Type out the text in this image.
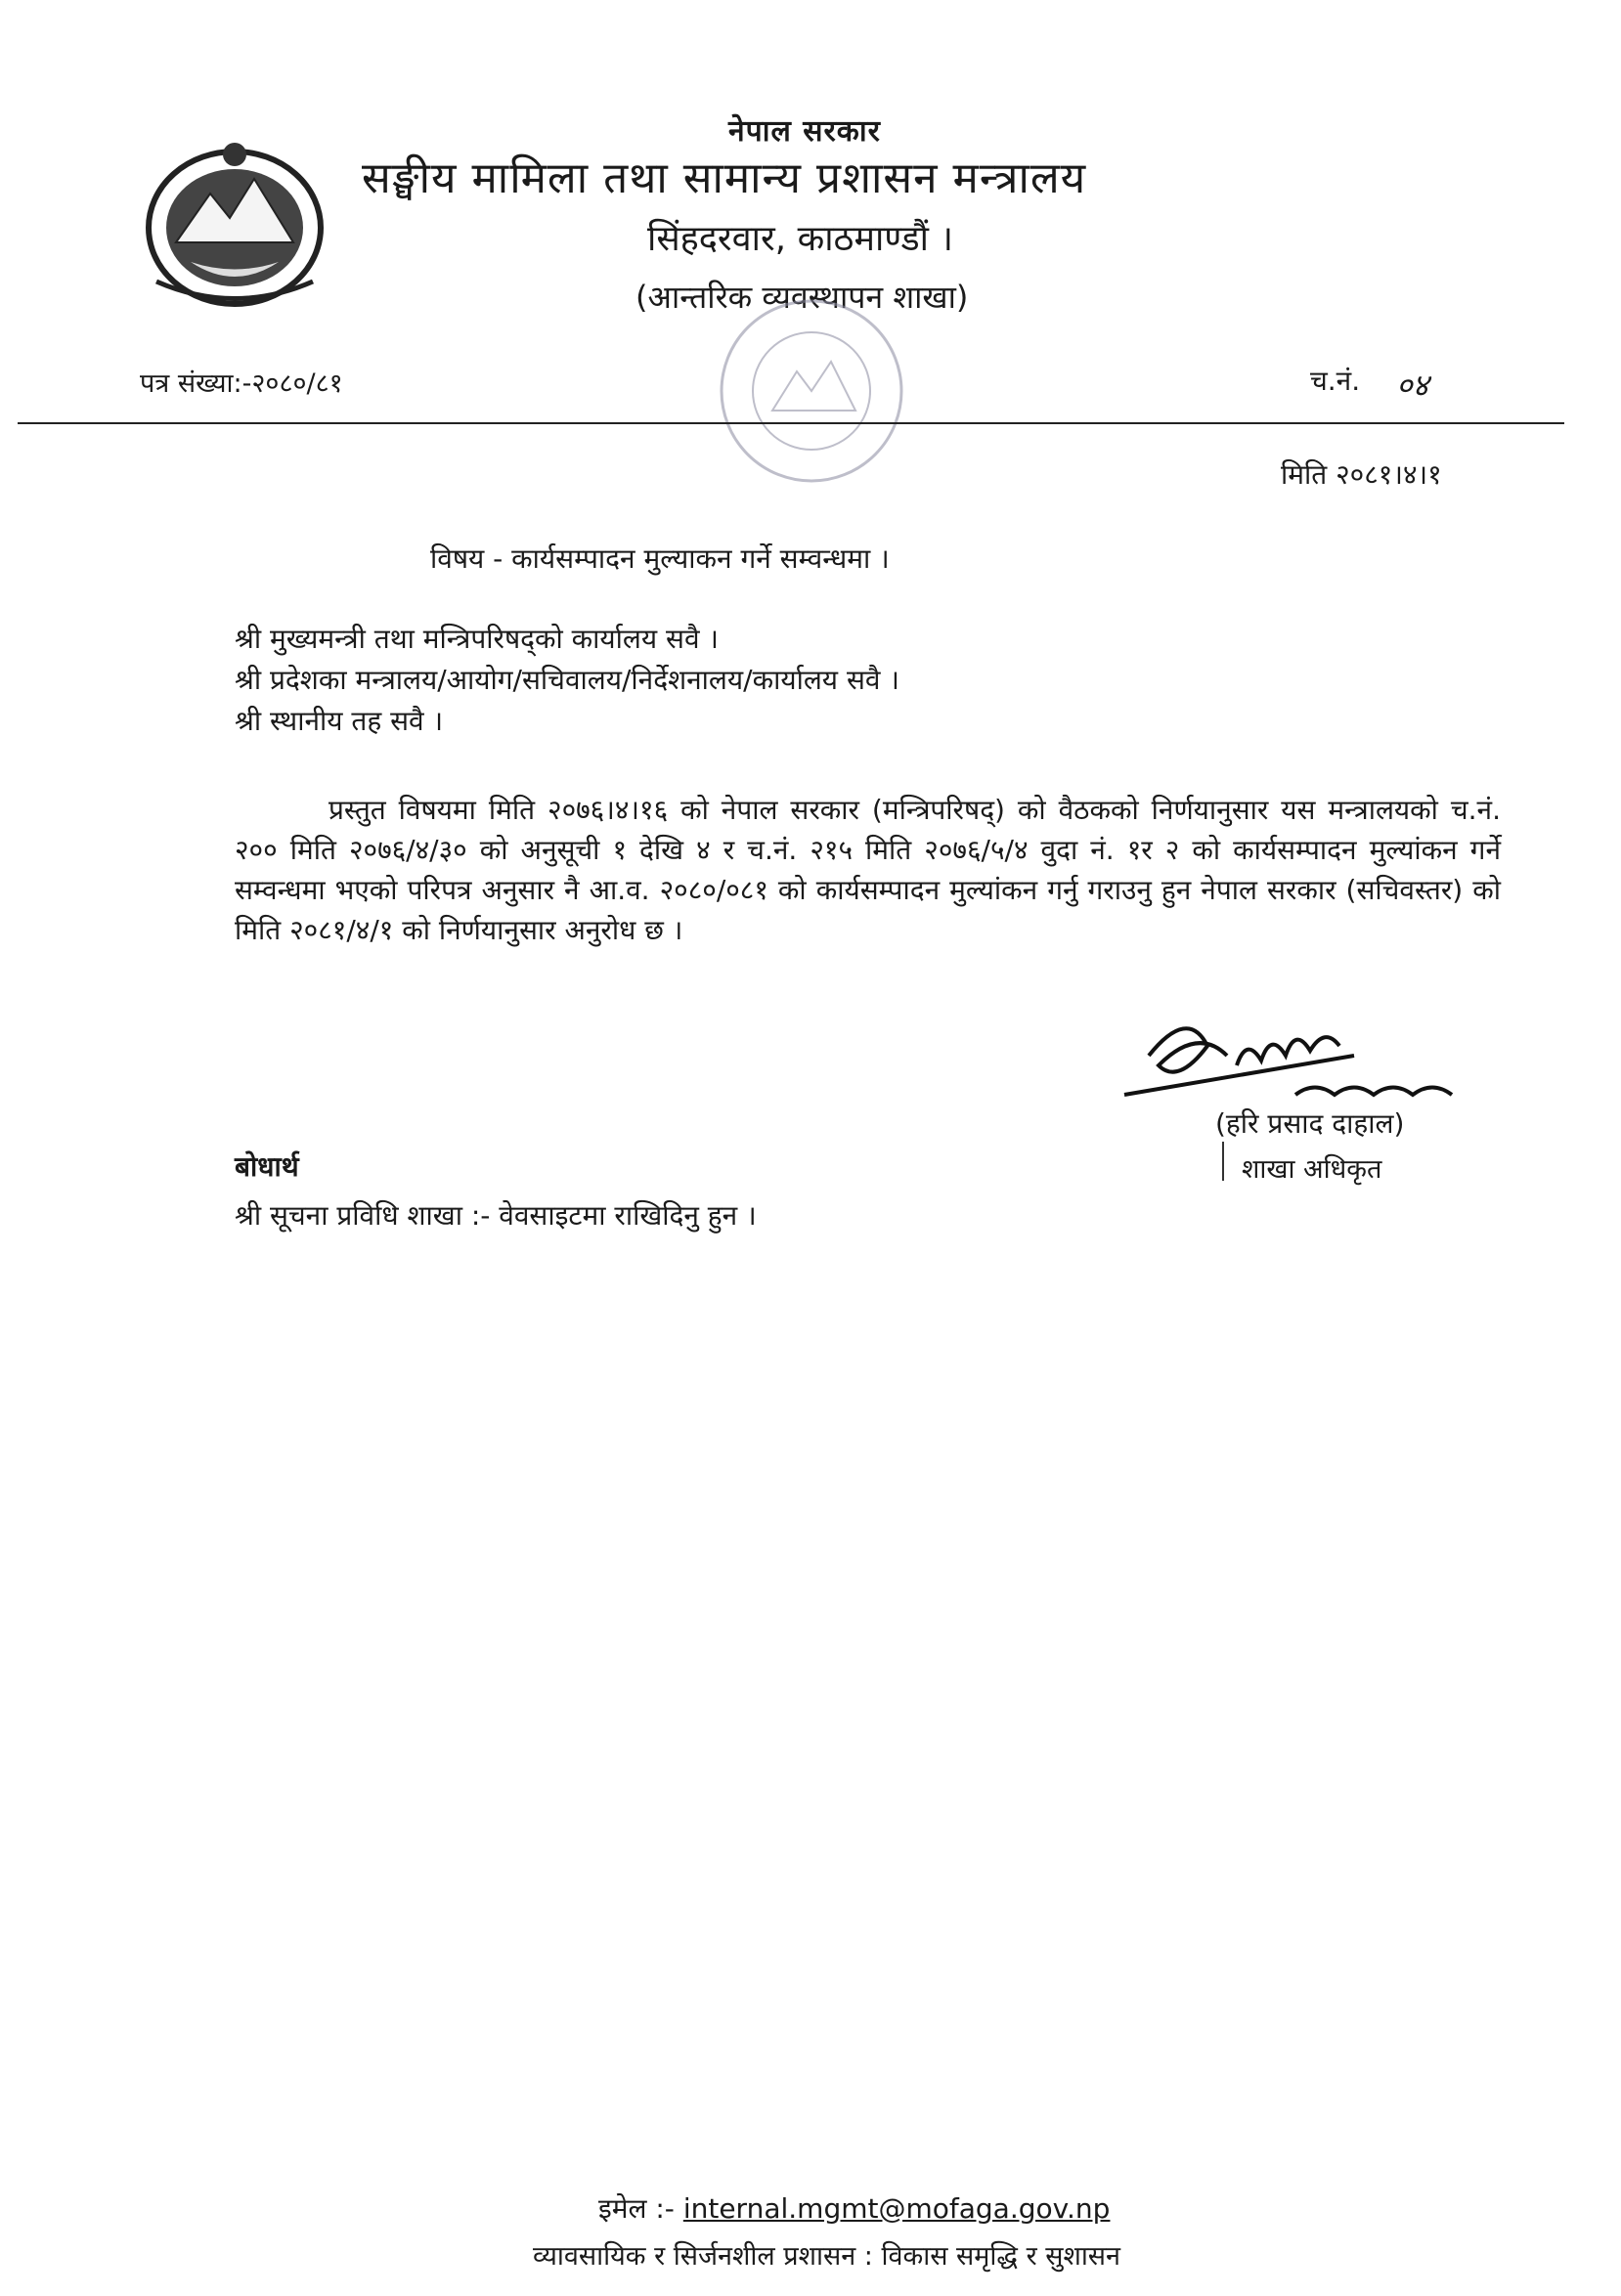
नेपाल सरकार
सङ्घीय मामिला तथा सामान्य प्रशासन मन्त्रालय
सिंहदरवार, काठमाण्डौं ।
(आन्तरिक व्यवस्थापन शाखा)
पत्र संख्या:-२०८०/८१	च.नं. ०४
मिति २०८१।४।१
विषय - कार्यसम्पादन मुल्याकन गर्ने सम्वन्धमा ।
श्री मुख्यमन्त्री तथा मन्त्रिपरिषद्को कार्यालय सवै ।
श्री प्रदेशका मन्त्रालय/आयोग/सचिवालय/निर्देशनालय/कार्यालय सवै ।
श्री स्थानीय तह सवै ।
प्रस्तुत विषयमा मिति २०७६।४।१६ को नेपाल सरकार (मन्त्रिपरिषद्) को वैठकको निर्णयानुसार यस मन्त्रालयको च.नं. २०० मिति २०७६/४/३० को अनुसूची १ देखि ४ र च.नं. २१५ मिति २०७६/५/४ वुदा नं. १र २ को कार्यसम्पादन मुल्यांकन गर्ने सम्वन्धमा भएको परिपत्र अनुसार नै आ.व. २०८०/०८१ को कार्यसम्पादन मुल्यांकन गर्नु गराउनु हुन नेपाल सरकार (सचिवस्तर) को मिति २०८१/४/१ को निर्णयानुसार अनुरोध छ ।
(हरि प्रसाद दाहाल)
शाखा अधिकृत
बोधार्थ
श्री सूचना प्रविधि शाखा :- वेवसाइटमा राखिदिनु हुन ।
इमेल :- internal.mgmt@mofaga.gov.np
व्यावसायिक र सिर्जनशील प्रशासन : विकास समृद्धि र सुशासन
